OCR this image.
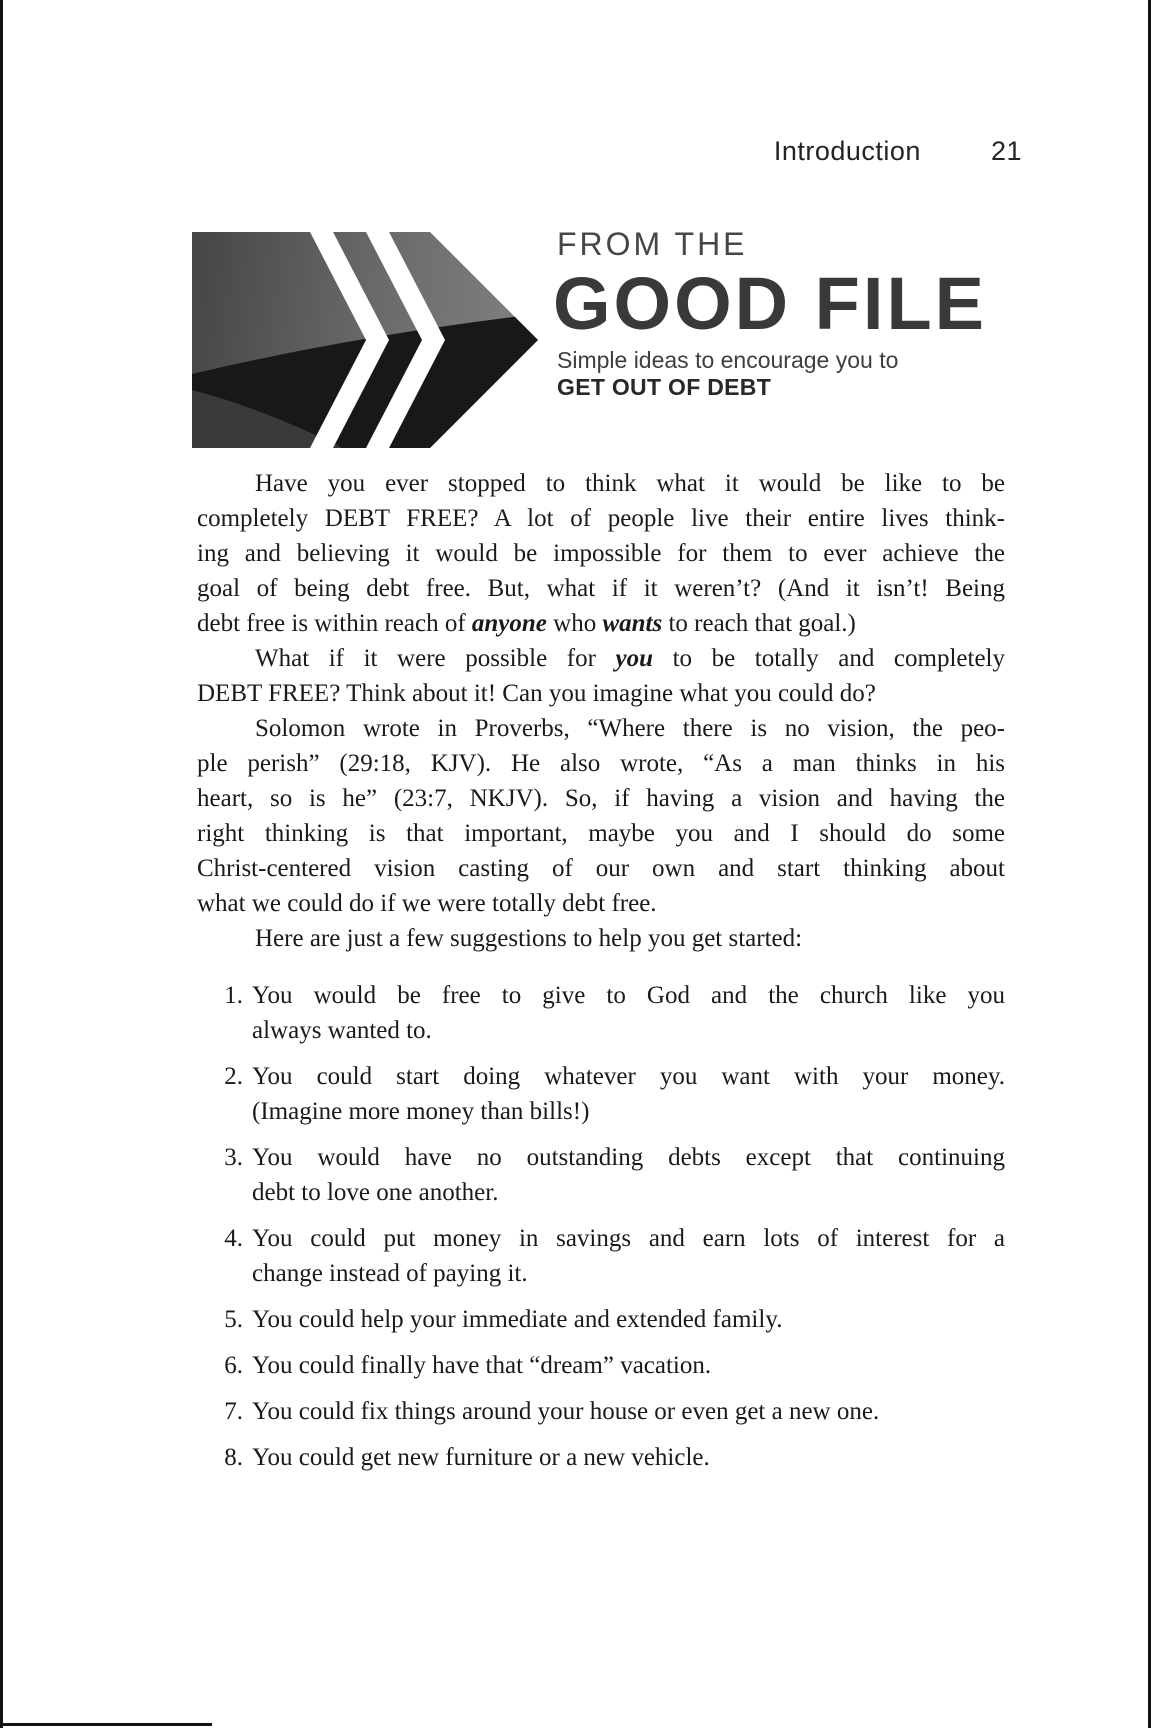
Introduction	21
FROM THE
GOOD FILE
Simple ideas to encourage you to
GET OUT OF DEBT
Have you ever stopped to think what it would be like to be
completely DEBT FREE? A lot of people live their entire lives think-
ing and believing it would be impossible for them to ever achieve the
goal of being debt free. But, what if it weren’t? (And it isn’t! Being
debt free is within reach of anyone who wants to reach that goal.)
What if it were possible for you to be totally and completely
DEBT FREE? Think about it! Can you imagine what you could do?
Solomon wrote in Proverbs, “Where there is no vision, the peo-
ple perish” (29:18, KJV). He also wrote, “As a man thinks in his
heart, so is he” (23:7, NKJV). So, if having a vision and having the
right thinking is that important, maybe you and I should do some
Christ-centered vision casting of our own and start thinking about
what we could do if we were totally debt free.
Here are just a few suggestions to help you get started:
1. You would be free to give to God and the church like you
always wanted to.
2. You could start doing whatever you want with your money.
(Imagine more money than bills!)
3. You would have no outstanding debts except that continuing
debt to love one another.
4. You could put money in savings and earn lots of interest for a
change instead of paying it.
5. You could help your immediate and extended family.
6. You could finally have that “dream” vacation.
7. You could fix things around your house or even get a new one.
8. You could get new furniture or a new vehicle.
